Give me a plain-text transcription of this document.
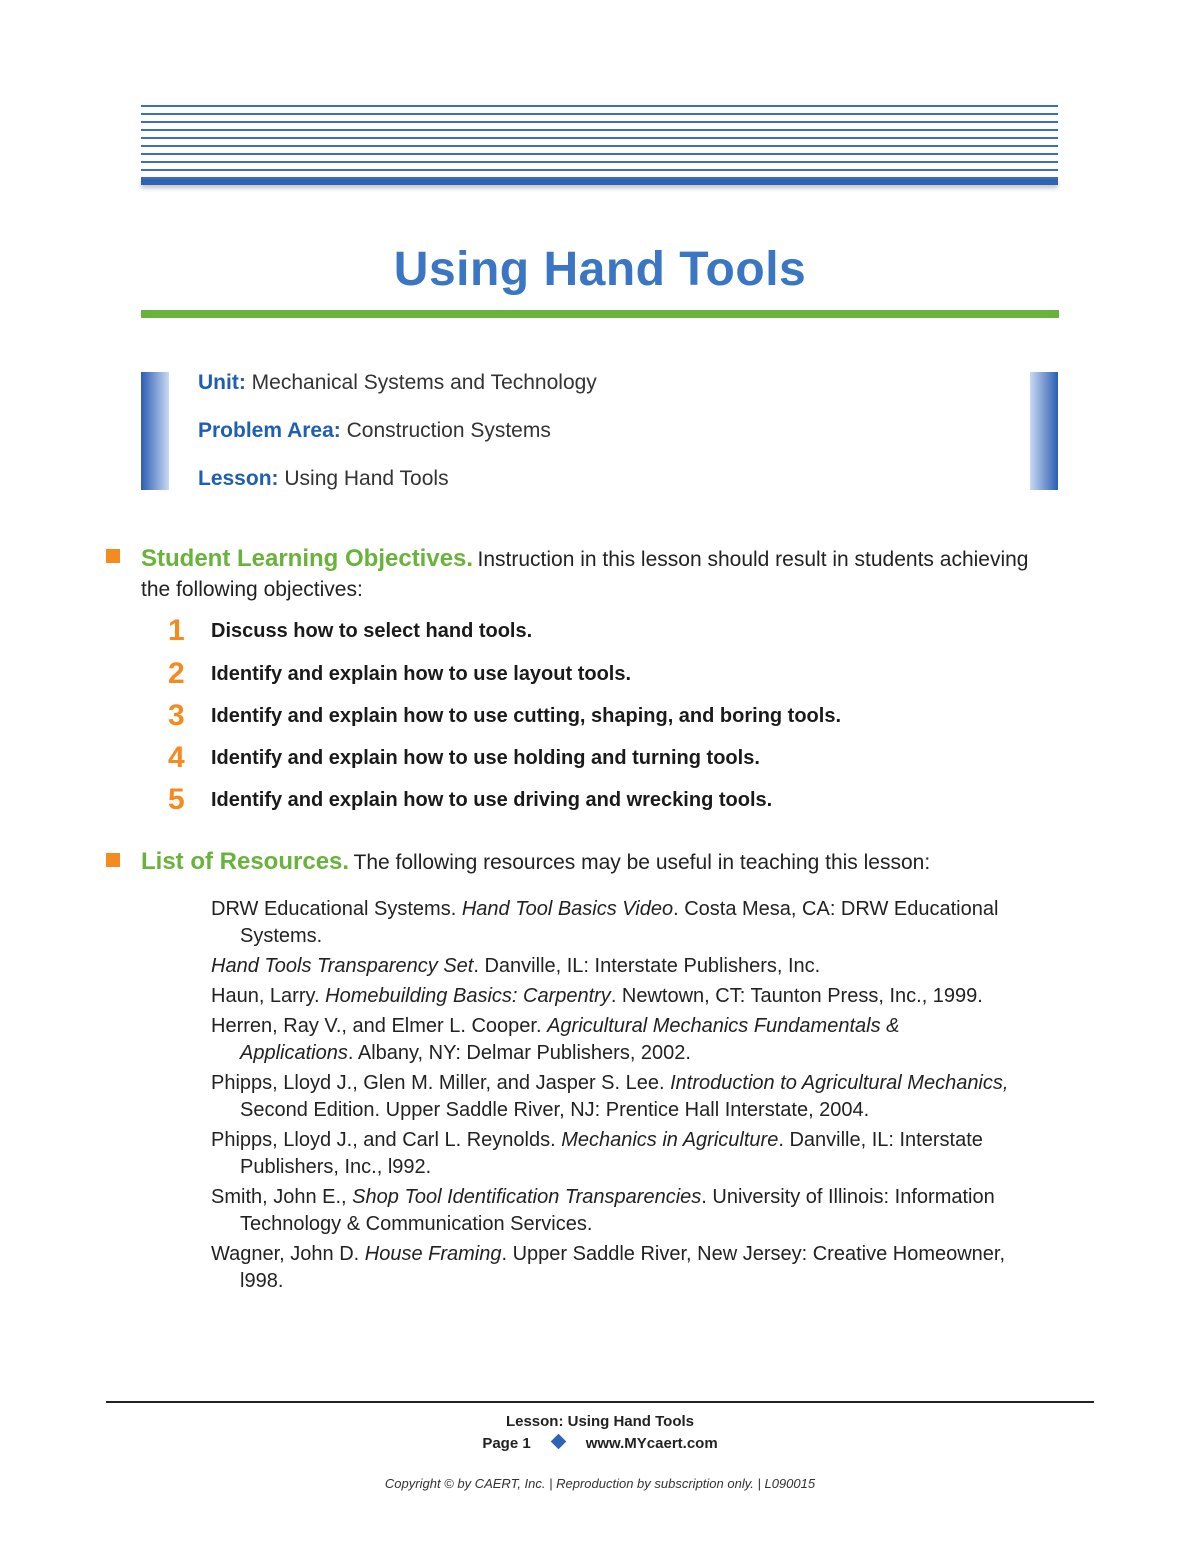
Using Hand Tools
Unit: Mechanical Systems and Technology
Problem Area: Construction Systems
Lesson: Using Hand Tools
Student Learning Objectives. Instruction in this lesson should result in students achieving the following objectives:
1	Discuss how to select hand tools.
2	Identify and explain how to use layout tools.
3	Identify and explain how to use cutting, shaping, and boring tools.
4	Identify and explain how to use holding and turning tools.
5	Identify and explain how to use driving and wrecking tools.
List of Resources. The following resources may be useful in teaching this lesson:
DRW Educational Systems. Hand Tool Basics Video. Costa Mesa, CA: DRW Educational Systems.
Hand Tools Transparency Set. Danville, IL: Interstate Publishers, Inc.
Haun, Larry. Homebuilding Basics: Carpentry. Newtown, CT: Taunton Press, Inc., 1999.
Herren, Ray V., and Elmer L. Cooper. Agricultural Mechanics Fundamentals & Applications. Albany, NY: Delmar Publishers, 2002.
Phipps, Lloyd J., Glen M. Miller, and Jasper S. Lee. Introduction to Agricultural Mechanics, Second Edition. Upper Saddle River, NJ: Prentice Hall Interstate, 2004.
Phipps, Lloyd J., and Carl L. Reynolds. Mechanics in Agriculture. Danville, IL: Interstate Publishers, Inc., l992.
Smith, John E., Shop Tool Identification Transparencies. University of Illinois: Information Technology & Communication Services.
Wagner, John D. House Framing. Upper Saddle River, New Jersey: Creative Homeowner, l998.
Lesson: Using Hand Tools
Page 1	www.MYcaert.com
Copyright © by CAERT, Inc. | Reproduction by subscription only. | L090015
